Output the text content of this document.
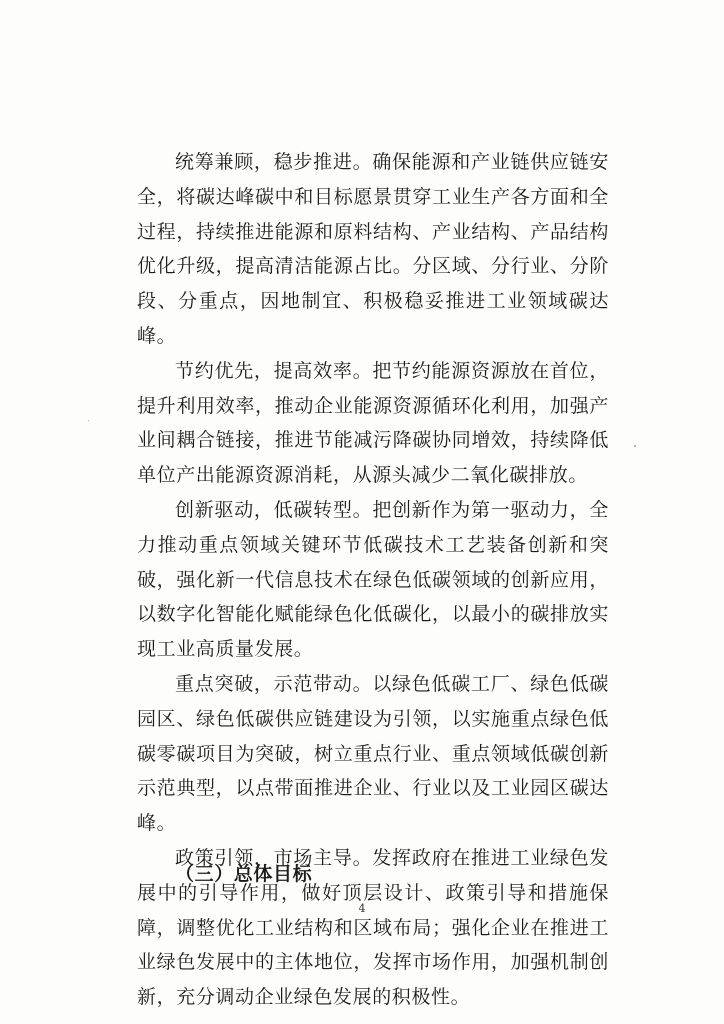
统筹兼顾，稳步推进。确保能源和产业链供应链安全，将碳达峰碳中和目标愿景贯穿工业生产各方面和全过程，持续推进能源和原料结构、产业结构、产品结构优化升级，提高清洁能源占比。分区域、分行业、分阶段、分重点，因地制宜、积极稳妥推进工业领域碳达峰。

节约优先，提高效率。把节约能源资源放在首位，提升利用效率，推动企业能源资源循环化利用，加强产业间耦合链接，推进节能减污降碳协同增效，持续降低单位产出能源资源消耗，从源头减少二氧化碳排放。

创新驱动，低碳转型。把创新作为第一驱动力，全力推动重点领域关键环节低碳技术工艺装备创新和突破，强化新一代信息技术在绿色低碳领域的创新应用，以数字化智能化赋能绿色化低碳化，以最小的碳排放实现工业高质量发展。

重点突破，示范带动。以绿色低碳工厂、绿色低碳园区、绿色低碳供应链建设为引领，以实施重点绿色低碳零碳项目为突破，树立重点行业、重点领域低碳创新示范典型，以点带面推进企业、行业以及工业园区碳达峰。

政策引领，市场主导。发挥政府在推进工业绿色发展中的引导作用，做好顶层设计、政策引导和措施保障，调整优化工业结构和区域布局；强化企业在推进工业绿色发展中的主体地位，发挥市场作用，加强机制创新，充分调动企业绿色发展的积极性。

（三）总体目标
4
